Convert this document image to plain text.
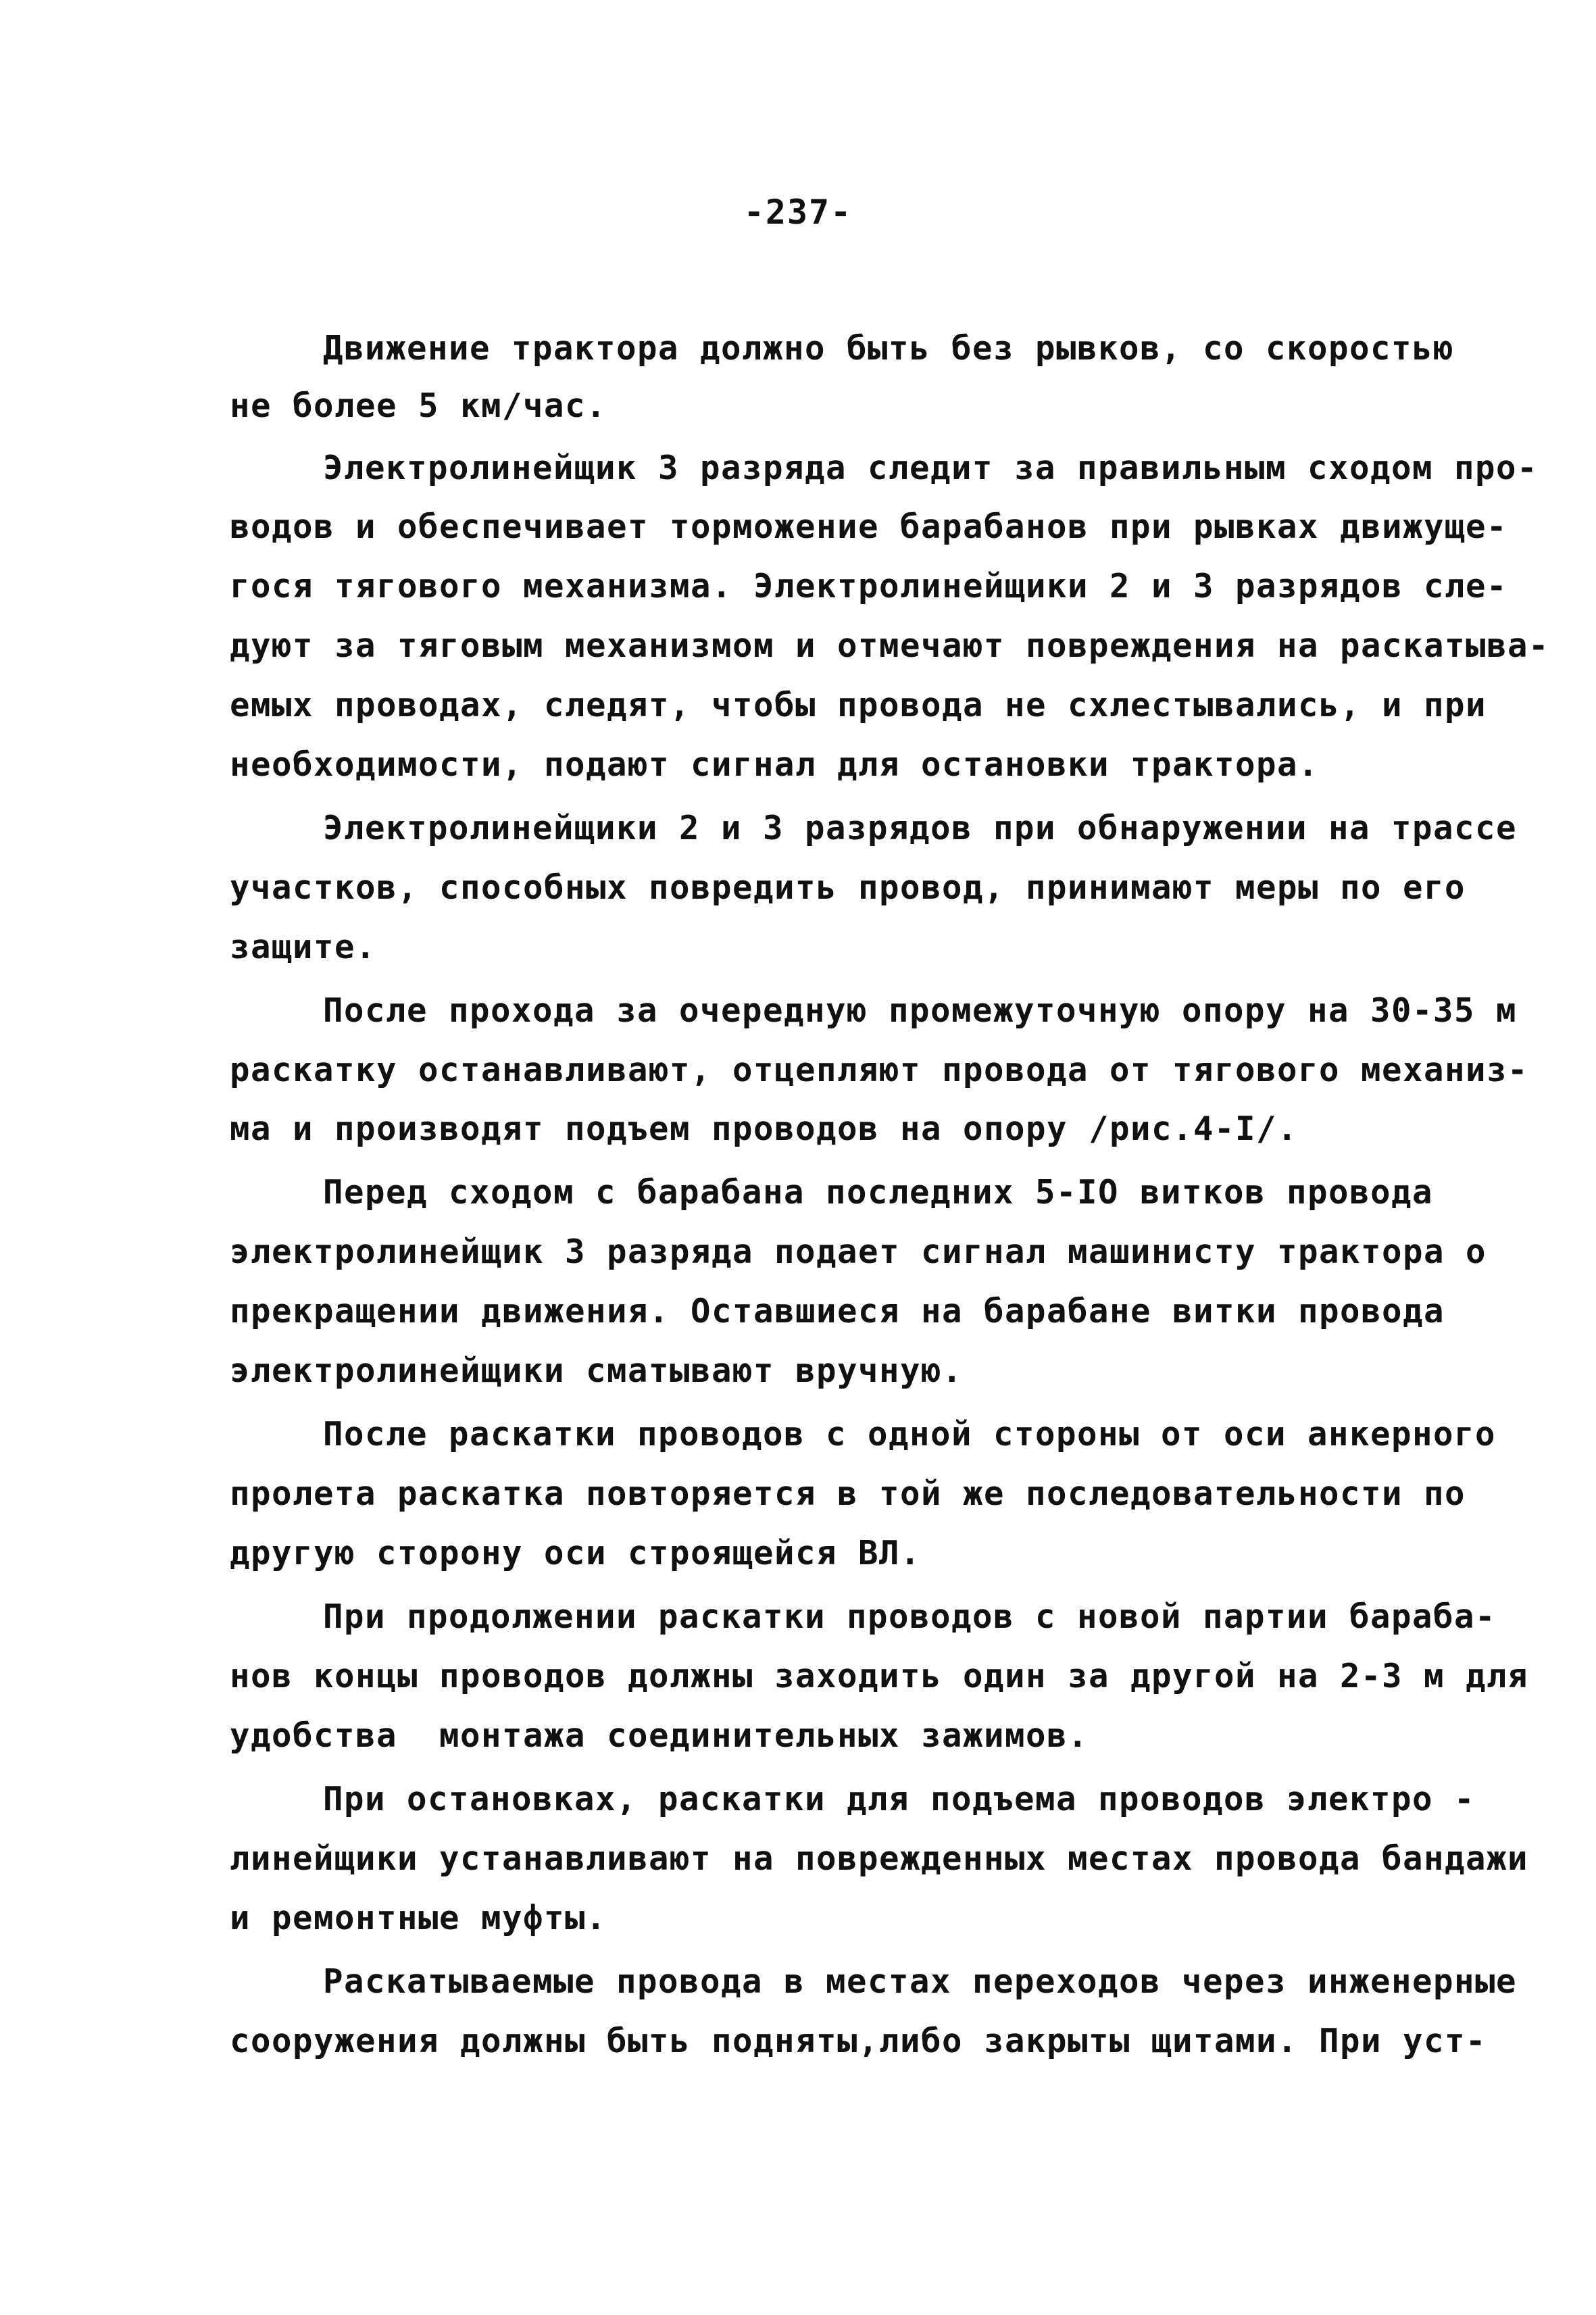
-237-
Движение трактора должно быть без рывков, со скоростью
не более 5 км/час.
Электролинейщик 3 разряда следит за правильным сходом про-
водов и обеспечивает торможение барабанов при рывках движуще-
гося тягового механизма. Электролинейщики 2 и 3 разрядов сле-
дуют за тяговым механизмом и отмечают повреждения на раскатыва-
емых проводах, следят, чтобы провода не схлестывались, и при
необходимости, подают сигнал для остановки трактора.
Электролинейщики 2 и 3 разрядов при обнаружении на трассе
участков, способных повредить провод, принимают меры по его
защите.
После прохода за очередную промежуточную опору на 30-35 м
раскатку останавливают, отцепляют провода от тягового механиз-
ма и производят подъем проводов на опору /рис.4-I/.
Перед сходом с барабана последних 5-IO витков провода
электролинейщик 3 разряда подает сигнал машинисту трактора о
прекращении движения. Оставшиеся на барабане витки провода
электролинейщики сматывают вручную.
После раскатки проводов с одной стороны от оси анкерного
пролета раскатка повторяется в той же последовательности по
другую сторону оси строящейся ВЛ.
При продолжении раскатки проводов с новой партии бараба-
нов концы проводов должны заходить один за другой на 2-3 м для
удобства  монтажа соединительных зажимов.
При остановках, раскатки для подъема проводов электро -
линейщики устанавливают на поврежденных местах провода бандажи
и ремонтные муфты.
Раскатываемые провода в местах переходов через инженерные
сооружения должны быть подняты,либо закрыты щитами. При уст-
